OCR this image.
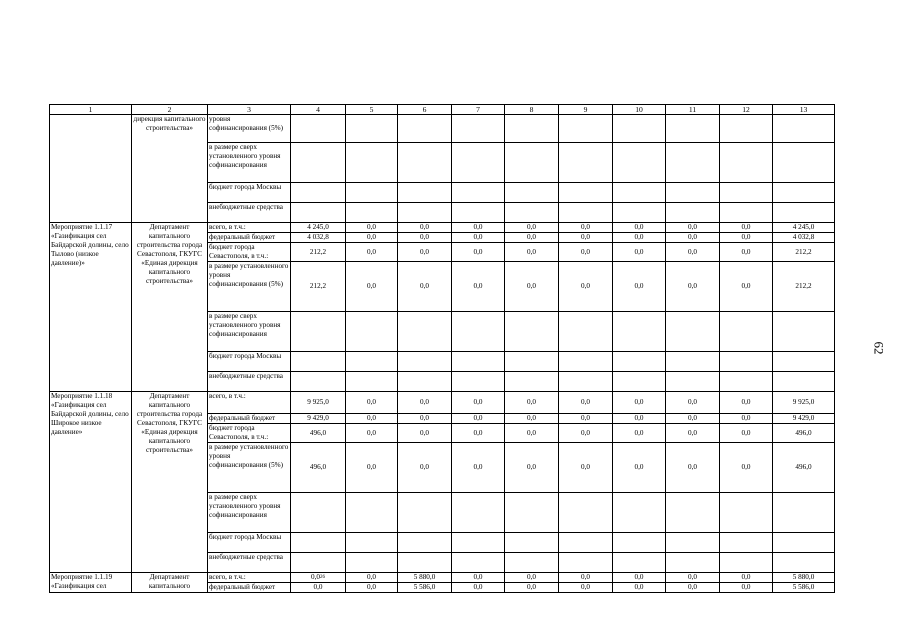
1	2	3	4	5	6	7	8	9	10	11	12	13
	дирекция капитального строительства»	уровня софинансирования (5%)										
		в размере сверх установленного уровня софинансирования										
		бюджет города Москвы										
		внебюджетные средства										
Мероприятие 1.1.17 «Газификация сел Байдарской долины, село Тылово (низкое давление)»	Департамент капитального строительства города Севастополя, ГКУГС «Единая дирекция капитального строительства»	всего, в т.ч.:	4 245,0	0,0	0,0	0,0	0,0	0,0	0,0	0,0	0,0	4 245,0
		федеральный бюджет	4 032,8	0,0	0,0	0,0	0,0	0,0	0,0	0,0	0,0	4 032,8
		бюджет города Севастополя, в т.ч.:	212,2	0,0	0,0	0,0	0,0	0,0	0,0	0,0	0,0	212,2
		в размере установленного уровня софинансирования (5%)	212,2	0,0	0,0	0,0	0,0	0,0	0,0	0,0	0,0	212,2
		в размере сверх установленного уровня софинансирования										
		бюджет города Москвы										
		внебюджетные средства										
Мероприятие 1.1.18 «Газификация сел Байдарской долины, село Широкое низкое давление»	Департамент капитального строительства города Севастополя, ГКУГС «Единая дирекция капитального строительства»	всего, в т.ч.:	9 925,0	0,0	0,0	0,0	0,0	0,0	0,0	0,0	0,0	9 925,0
		федеральный бюджет	9 429,0	0,0	0,0	0,0	0,0	0,0	0,0	0,0	0,0	9 429,0
		бюджет города Севастополя, в т.ч.:	496,0	0,0	0,0	0,0	0,0	0,0	0,0	0,0	0,0	496,0
		в размере установленного уровня софинансирования (5%)	496,0	0,0	0,0	0,0	0,0	0,0	0,0	0,0	0,0	496,0
		в размере сверх установленного уровня софинансирования										
		бюджет города Москвы										
		внебюджетные средства										
Мероприятие 1.1.19 «Газификация сел	Департамент капитального	всего, в т.ч.:	$0,0^{26}$	0,0	5 880,0	0,0	0,0	0,0	0,0	0,0	0,0	5 880,0
		федеральный бюджет	0,0	0,0	5 586,0	0,0	0,0	0,0	0,0	0,0	0,0	5 586,0
62
